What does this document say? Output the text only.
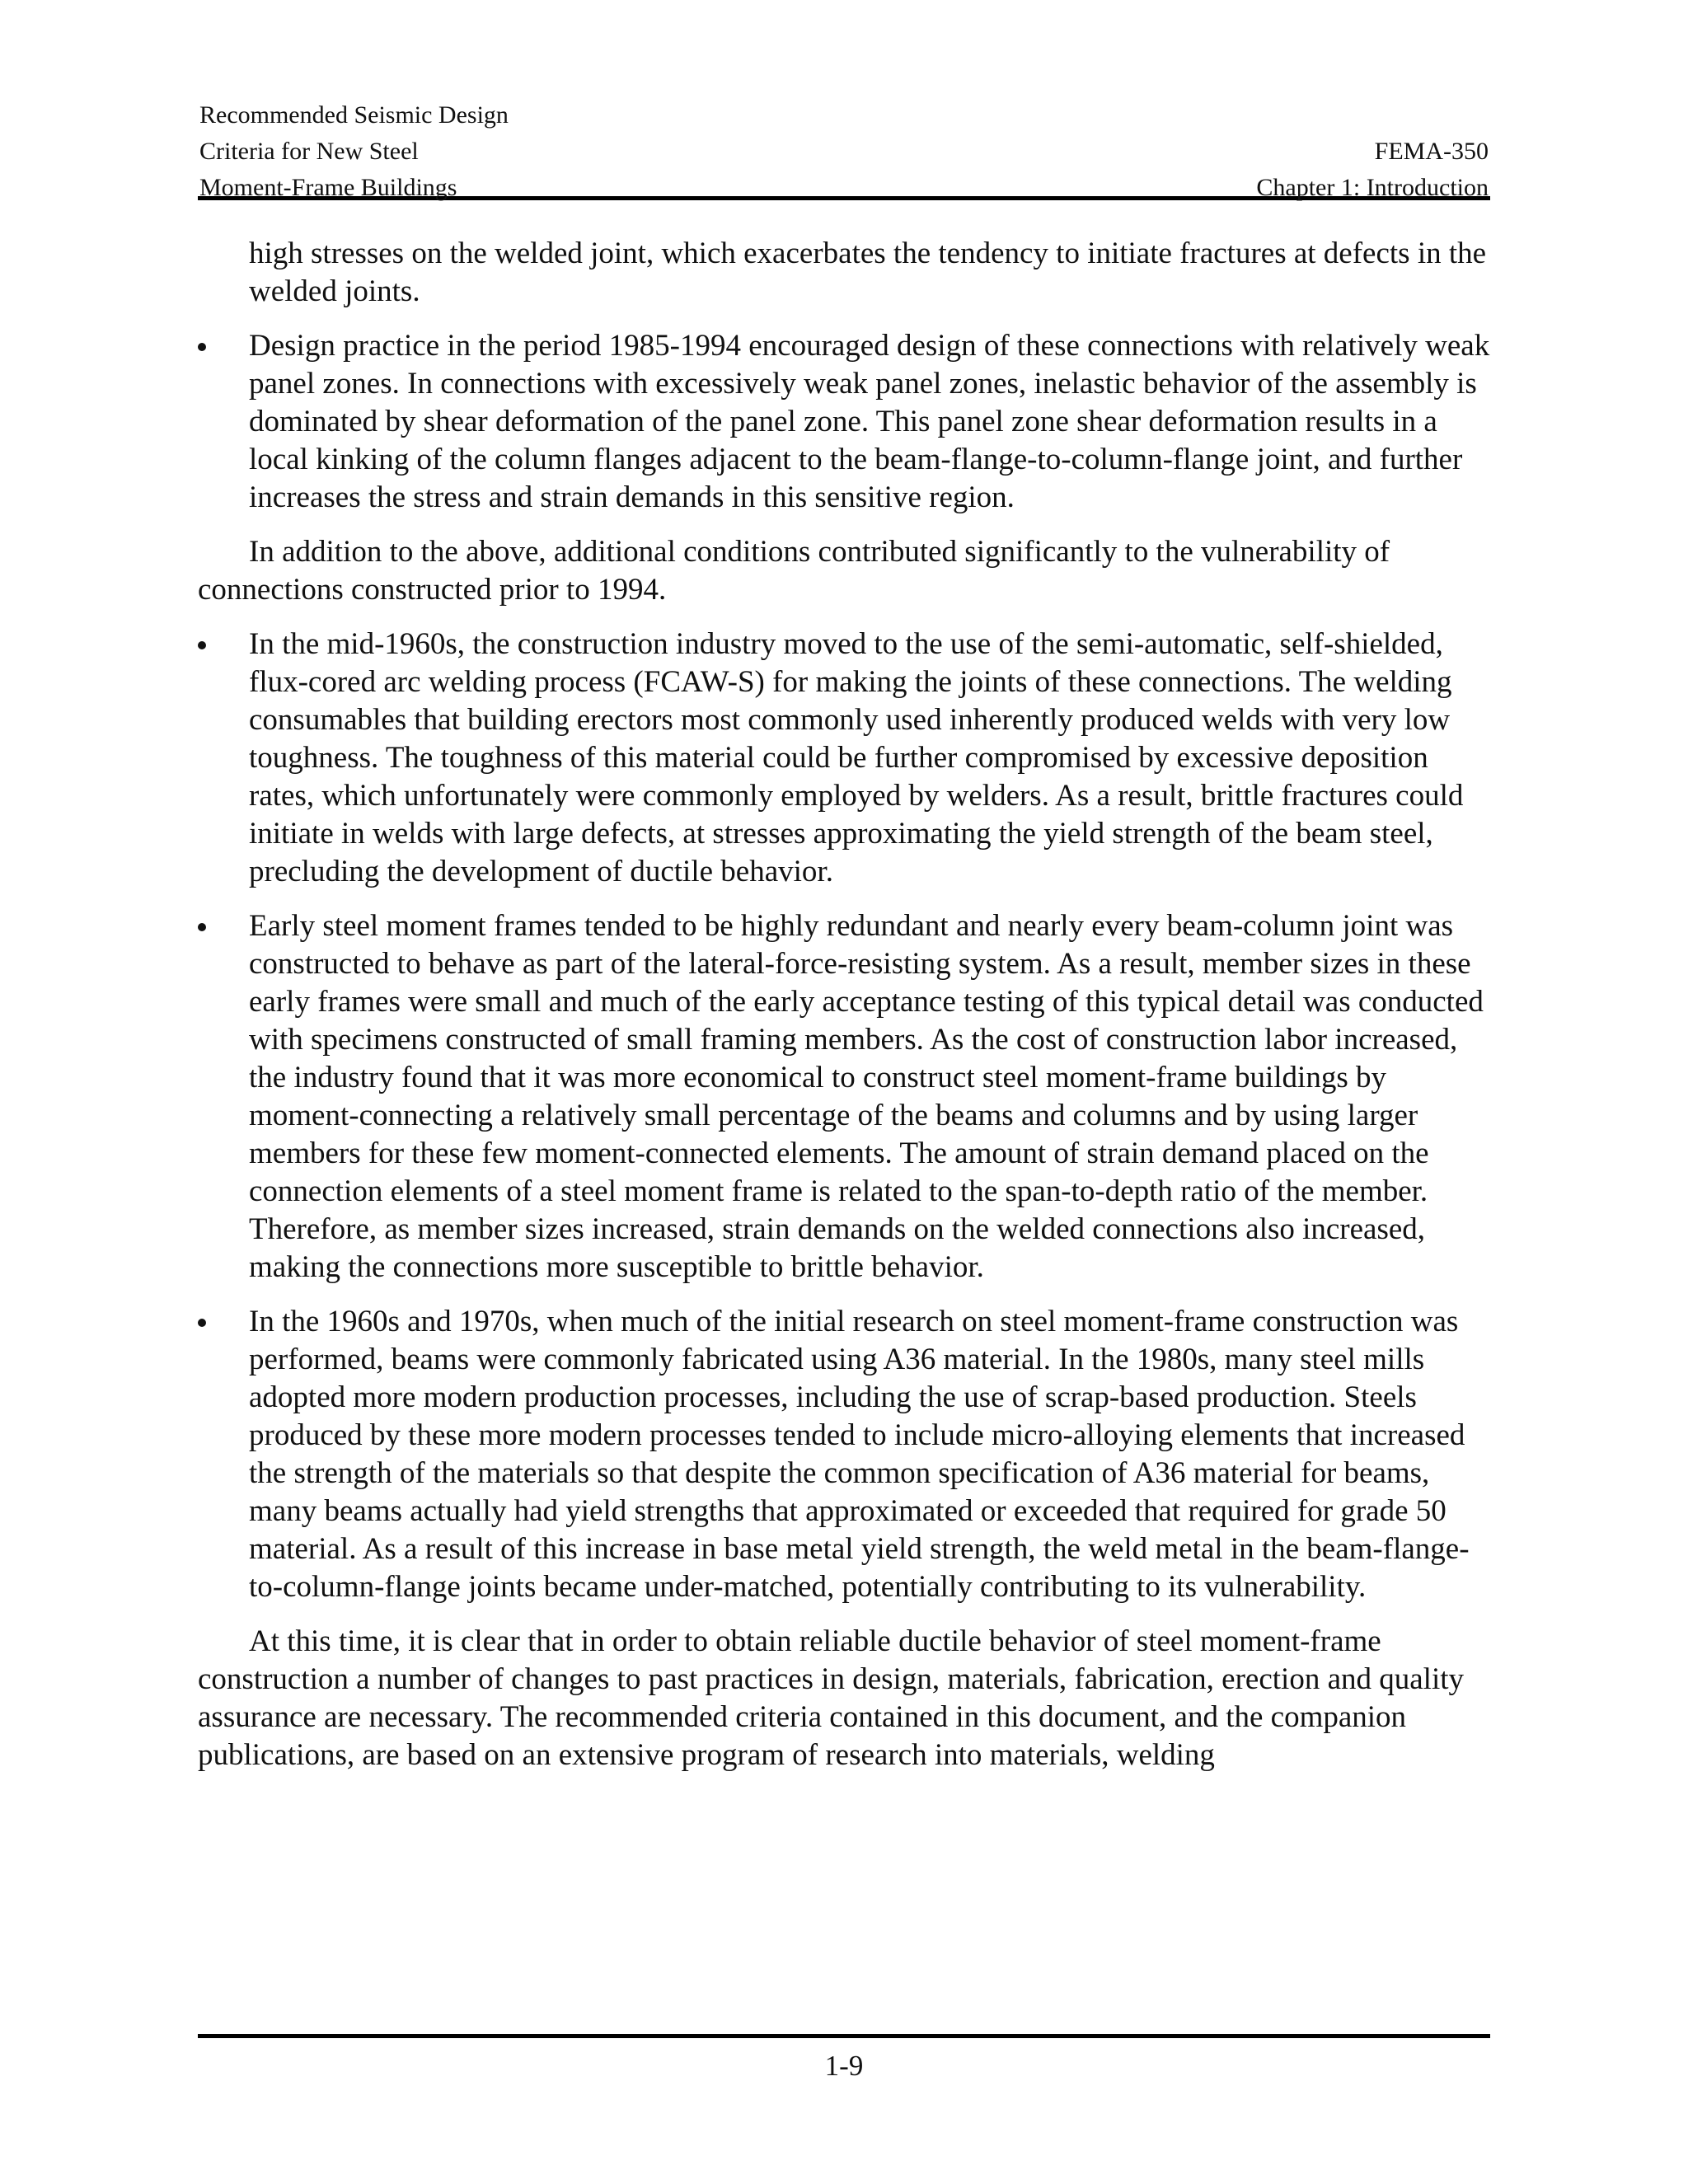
Recommended Seismic Design
Criteria for New Steel
Moment-Frame Buildings
FEMA-350
Chapter 1: Introduction

high stresses on the welded joint, which exacerbates the tendency to initiate fractures at defects in the welded joints.

Design practice in the period 1985-1994 encouraged design of these connections with relatively weak panel zones. In connections with excessively weak panel zones, inelastic behavior of the assembly is dominated by shear deformation of the panel zone. This panel zone shear deformation results in a local kinking of the column flanges adjacent to the beam-flange-to-column-flange joint, and further increases the stress and strain demands in this sensitive region.

In addition to the above, additional conditions contributed significantly to the vulnerability of connections constructed prior to 1994.

In the mid-1960s, the construction industry moved to the use of the semi-automatic, self-shielded, flux-cored arc welding process (FCAW-S) for making the joints of these connections. The welding consumables that building erectors most commonly used inherently produced welds with very low toughness. The toughness of this material could be further compromised by excessive deposition rates, which unfortunately were commonly employed by welders. As a result, brittle fractures could initiate in welds with large defects, at stresses approximating the yield strength of the beam steel, precluding the development of ductile behavior.

Early steel moment frames tended to be highly redundant and nearly every beam-column joint was constructed to behave as part of the lateral-force-resisting system. As a result, member sizes in these early frames were small and much of the early acceptance testing of this typical detail was conducted with specimens constructed of small framing members. As the cost of construction labor increased, the industry found that it was more economical to construct steel moment-frame buildings by moment-connecting a relatively small percentage of the beams and columns and by using larger members for these few moment-connected elements. The amount of strain demand placed on the connection elements of a steel moment frame is related to the span-to-depth ratio of the member. Therefore, as member sizes increased, strain demands on the welded connections also increased, making the connections more susceptible to brittle behavior.

In the 1960s and 1970s, when much of the initial research on steel moment-frame construction was performed, beams were commonly fabricated using A36 material. In the 1980s, many steel mills adopted more modern production processes, including the use of scrap-based production. Steels produced by these more modern processes tended to include micro-alloying elements that increased the strength of the materials so that despite the common specification of A36 material for beams, many beams actually had yield strengths that approximated or exceeded that required for grade 50 material. As a result of this increase in base metal yield strength, the weld metal in the beam-flange-to-column-flange joints became under-matched, potentially contributing to its vulnerability.

At this time, it is clear that in order to obtain reliable ductile behavior of steel moment-frame construction a number of changes to past practices in design, materials, fabrication, erection and quality assurance are necessary. The recommended criteria contained in this document, and the companion publications, are based on an extensive program of research into materials, welding

1-9
